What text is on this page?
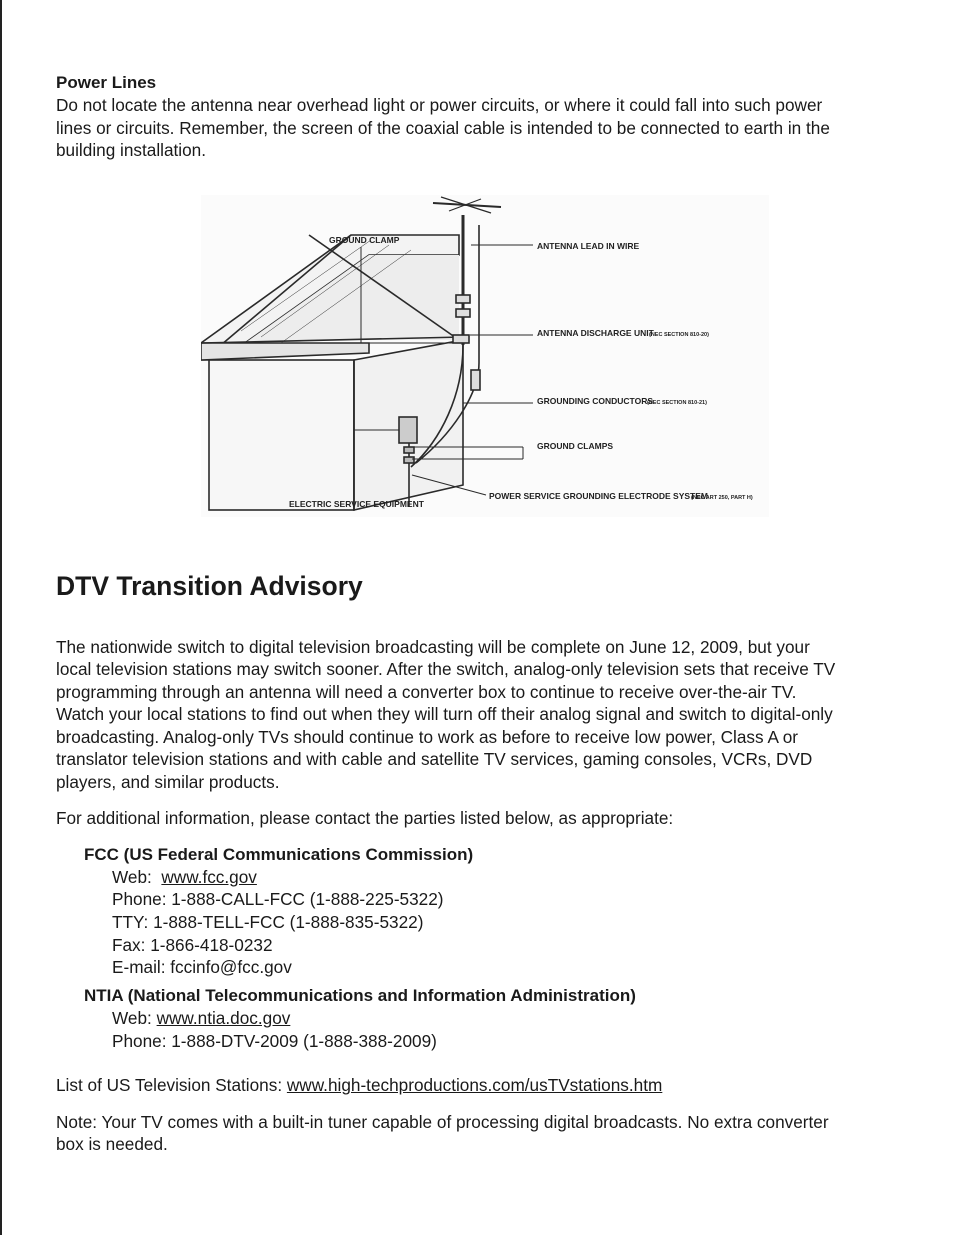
Power Lines

Do not locate the antenna near overhead light or power circuits, or where it could fall into such power lines or circuits. Remember, the screen of the coaxial cable is intended to be connected to earth in the building installation.

GROUND CLAMP
ANTENNA LEAD IN WIRE
ANTENNA DISCHARGE UNIT
(NEC SECTION 810-20)
GROUNDING CONDUCTORS
(NEC SECTION 810-21)
GROUND CLAMPS
ELECTRIC SERVICE EQUIPMENT
POWER SERVICE GROUNDING ELECTRODE SYSTEM
(NEC ART 250, PART H)
DTV Transition Advisory

The nationwide switch to digital television broadcasting will be complete on June 12, 2009, but your local television stations may switch sooner. After the switch, analog-only television sets that receive TV programming through an antenna will need a converter box to continue to receive over-the-air TV. Watch your local stations to find out when they will turn off their analog signal and switch to digital-only broadcasting. Analog-only TVs should continue to work as before to receive low power, Class A or translator television stations and with cable and satellite TV services, gaming consoles, VCRs, DVD players, and similar products.

For additional information, please contact the parties listed below, as appropriate:

FCC (US Federal Communications Commission)
Web: www.fcc.gov
Phone: 1-888-CALL-FCC (1-888-225-5322)
TTY: 1-888-TELL-FCC (1-888-835-5322)
Fax: 1-866-418-0232
E-mail: fccinfo@fcc.gov
NTIA (National Telecommunications and Information Administration)
Web: www.ntia.doc.gov
Phone: 1-888-DTV-2009 (1-888-388-2009)

List of US Television Stations: www.high-techproductions.com/usTVstations.htm

Note: Your TV comes with a built-in tuner capable of processing digital broadcasts. No extra converter box is needed.
